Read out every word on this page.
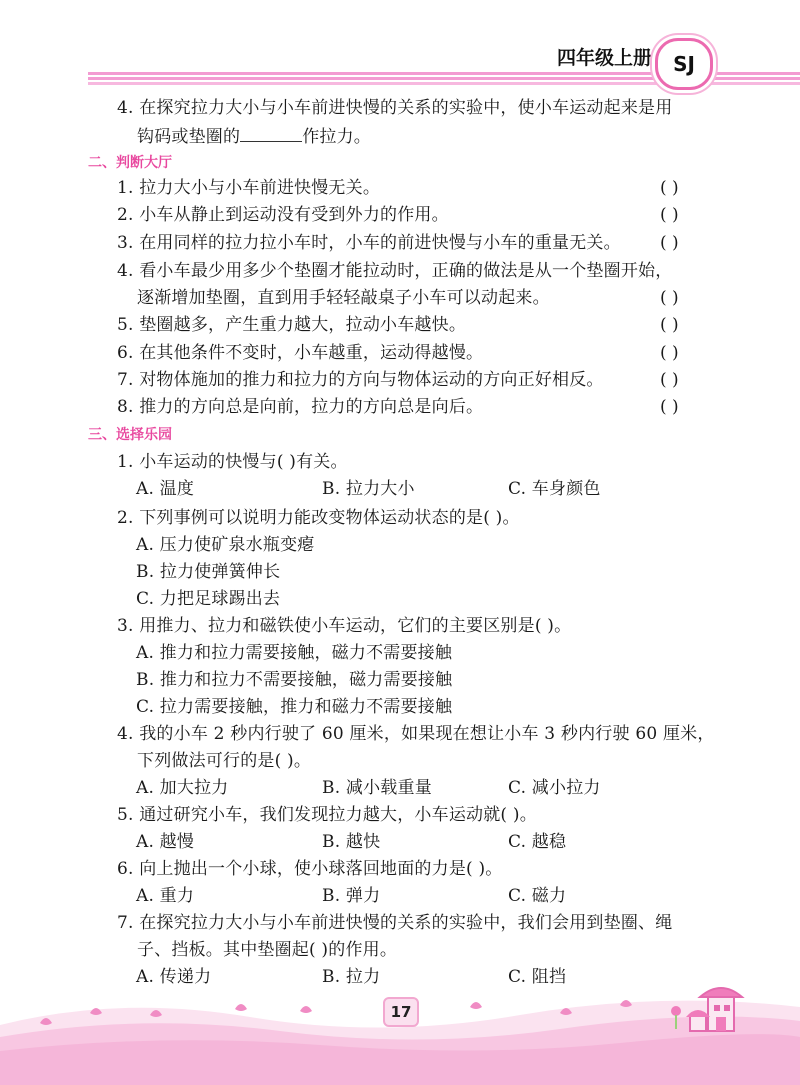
四年级上册	SJ
4. 在探究拉力大小与小车前进快慢的关系的实验中，使小车运动起来是用
钩码或垫圈的	作拉力。
二、判断大厅
1. 拉力大小与小车前进快慢无关。	( )
2. 小车从静止到运动没有受到外力的作用。	( )
3. 在用同样的拉力拉小车时，小车的前进快慢与小车的重量无关。 ( )
4. 看小车最少用多少个垫圈才能拉动时，正确的做法是从一个垫圈开始，
逐渐增加垫圈，直到用手轻轻敲桌子小车可以动起来。	( )
5. 垫圈越多，产生重力越大，拉动小车越快。	( )
6. 在其他条件不变时，小车越重，运动得越慢。	( )
7. 对物体施加的推力和拉力的方向与物体运动的方向正好相反。	( )
8. 推力的方向总是向前，拉力的方向总是向后。	( )
三、选择乐园
1. 小车运动的快慢与( )有关。
A. 温度	B. 拉力大小	C. 车身颜色
2. 下列事例可以说明力能改变物体运动状态的是( )。
A. 压力使矿泉水瓶变瘪
B. 拉力使弹簧伸长
C. 力把足球踢出去
3. 用推力、拉力和磁铁使小车运动，它们的主要区别是( )。
A. 推力和拉力需要接触，磁力不需要接触
B. 推力和拉力不需要接触，磁力需要接触
C. 拉力需要接触，推力和磁力不需要接触
4. 我的小车 2 秒内行驶了 60 厘米，如果现在想让小车 3 秒内行驶 60 厘米，
下列做法可行的是( )。
A. 加大拉力	B. 减小载重量	C. 减小拉力
5. 通过研究小车，我们发现拉力越大，小车运动就( )。
A. 越慢	B. 越快	C. 越稳
6. 向上抛出一个小球，使小球落回地面的力是( )。
A. 重力	B. 弹力	C. 磁力
7. 在探究拉力大小与小车前进快慢的关系的实验中，我们会用到垫圈、绳
子、挡板。其中垫圈起( )的作用。
A. 传递力	B. 拉力	C. 阻挡
17
